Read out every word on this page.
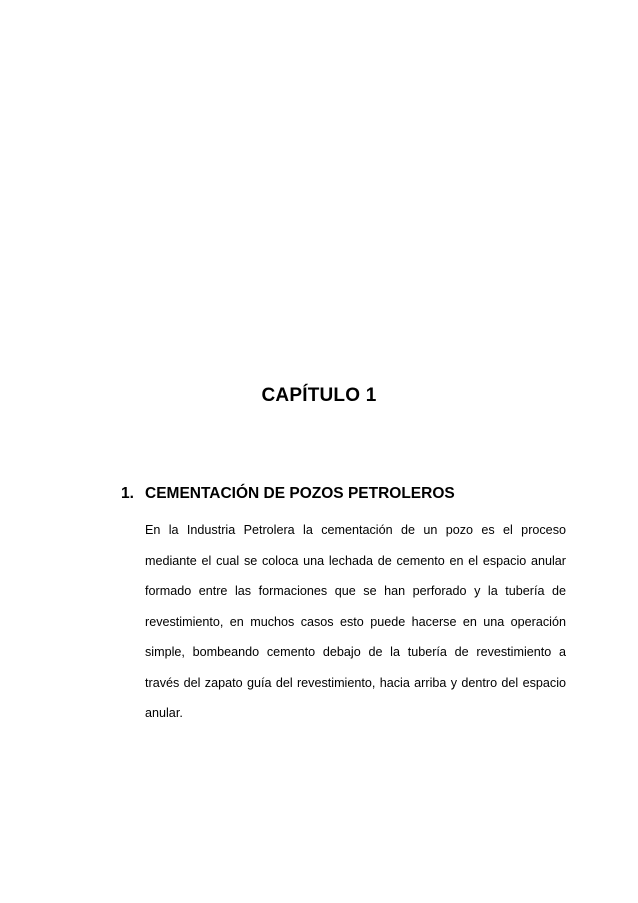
CAPÍTULO 1
1. CEMENTACIÓN DE POZOS PETROLEROS
En la Industria Petrolera la cementación de un pozo es el proceso
mediante el cual se coloca una lechada de cemento en el espacio anular
formado entre las formaciones que se han perforado y la tubería de
revestimiento, en muchos casos esto puede hacerse en una operación
simple, bombeando cemento debajo de la tubería de revestimiento a
través del zapato guía del revestimiento, hacia arriba y dentro del espacio
anular.
